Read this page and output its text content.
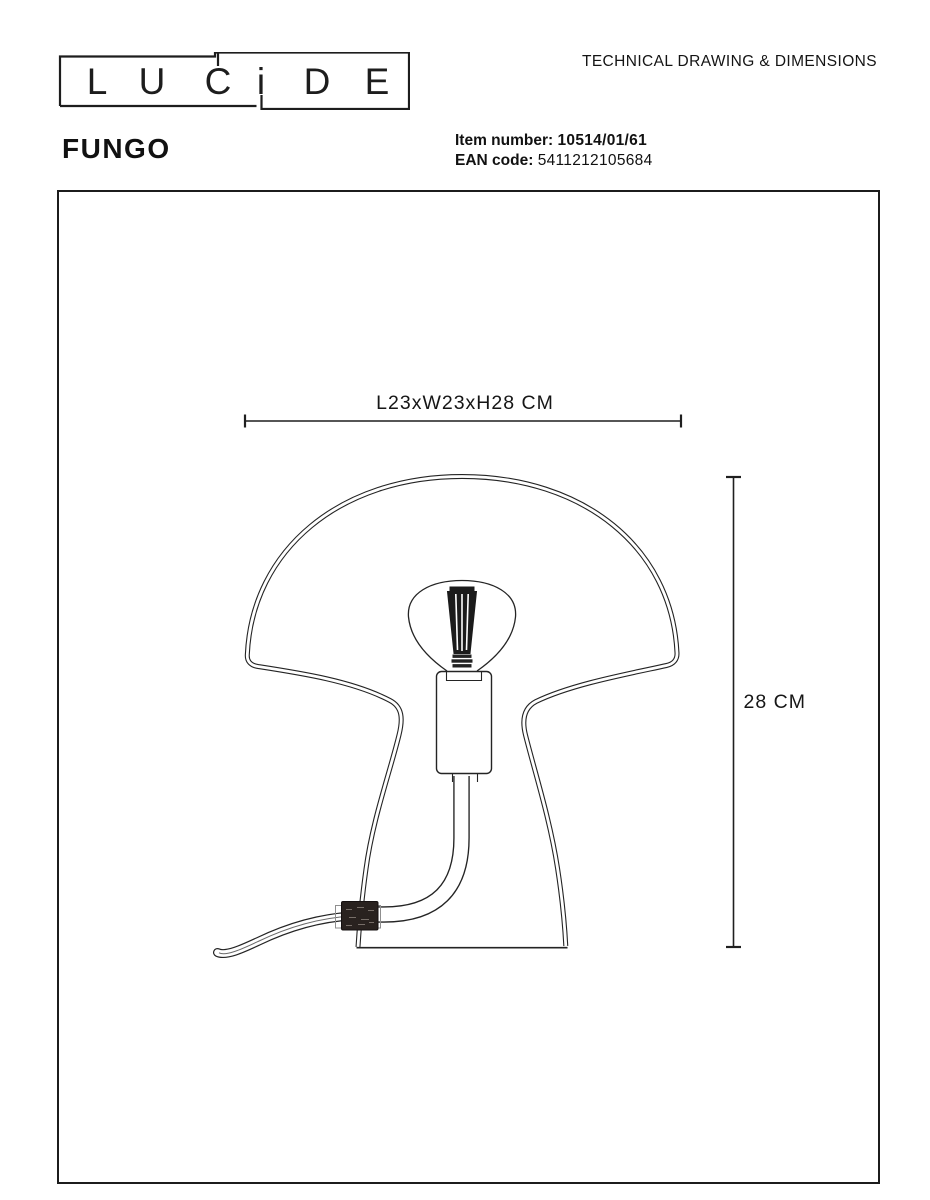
L U C i D E	TECHNICAL DRAWING & DIMENSIONS
FUNGO	Item number: 10514/01/61
EAN code: 5411212105684
L23xW23xH28 CM
28 CM
